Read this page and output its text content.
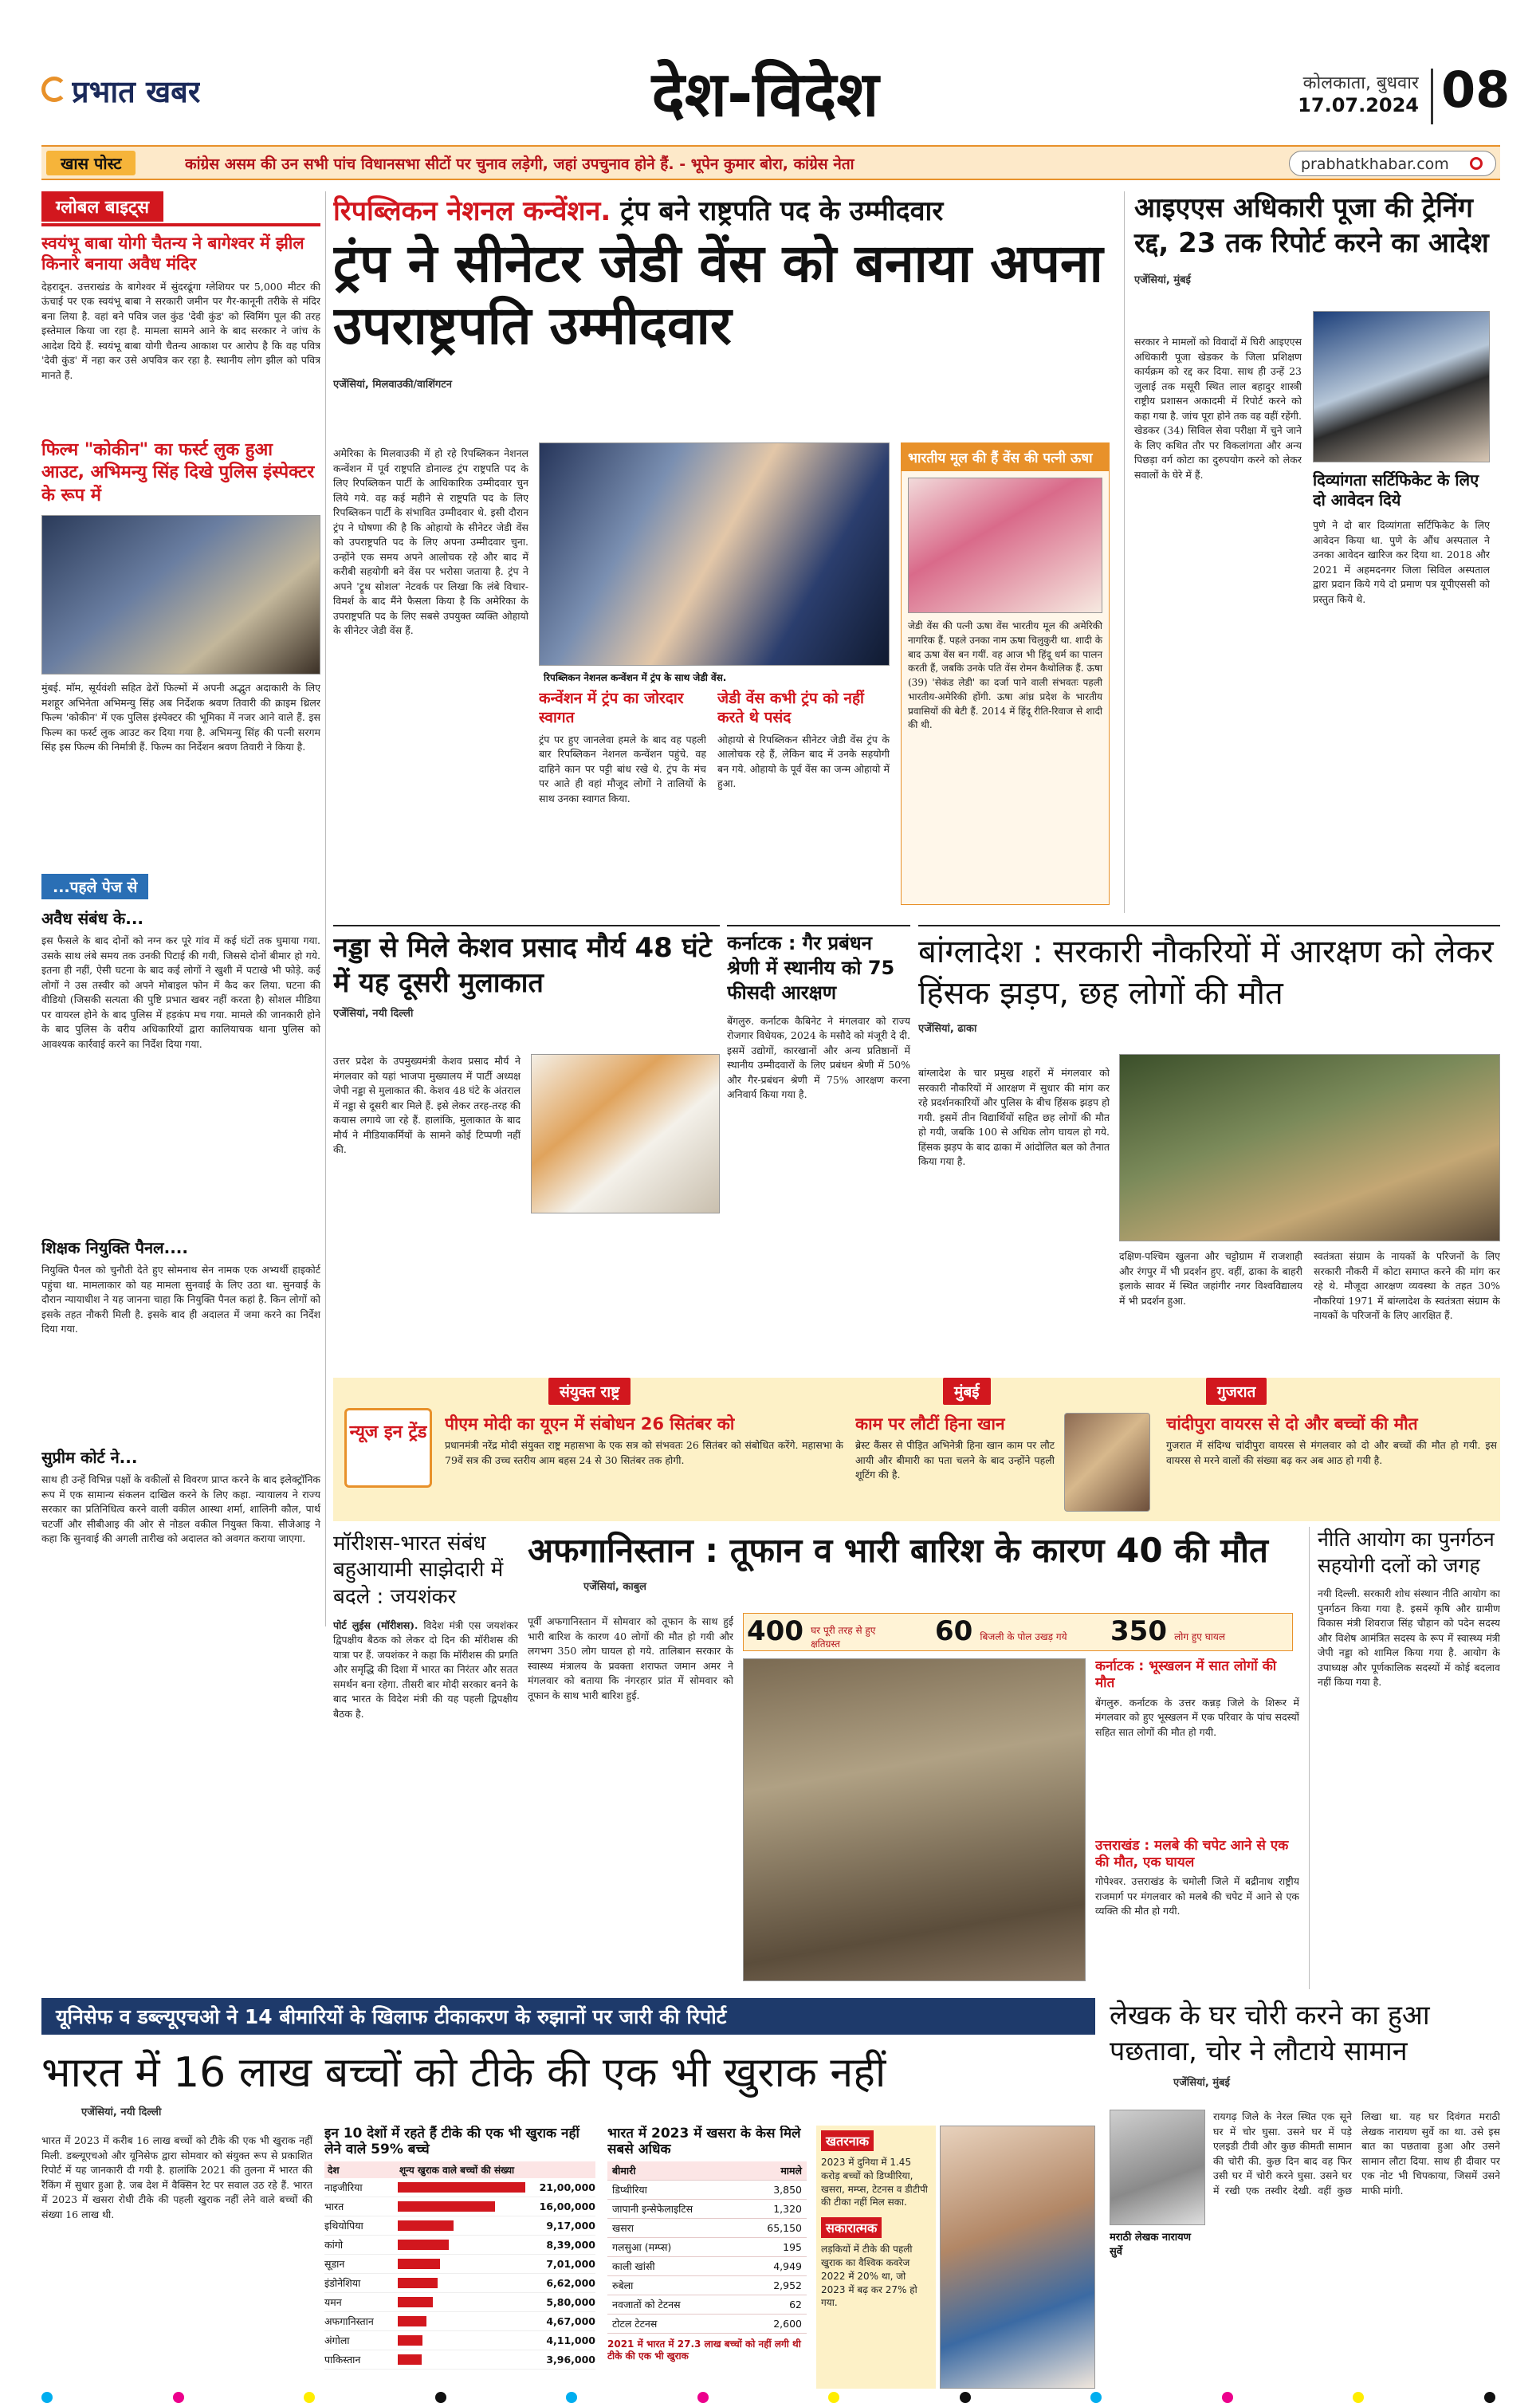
प्रभात खबर	देश-विदेश	कोलकाता, बुधवार
17.07.2024 08
खास पोस्ट	कांग्रेस असम की उन सभी पांच विधानसभा सीटों पर चुनाव लड़ेगी, जहां उपचुनाव होने हैं. - भूपेन कुमार बोरा, कांग्रेस नेता	prabhatkhabar.com
ग्लोबल बाइट्स
स्वयंभू बाबा योगी चैतन्य ने बागेश्वर में झील किनारे बनाया अवैध मंदिर
देहरादून. उत्तराखंड के बागेश्वर में सुंदरढूंगा ग्लेशियर पर 5,000 मीटर की ऊंचाई पर एक स्वयंभू बाबा ने सरकारी जमीन पर गैर-कानूनी तरीके से मंदिर बना लिया है. वहां बने पवित्र जल कुंड 'देवी कुंड' को स्विमिंग पूल की तरह इस्तेमाल किया जा रहा है. मामला सामने आने के बाद सरकार ने जांच के आदेश दिये हैं. स्वयंभू बाबा योगी चैतन्य आकाश पर आरोप है कि वह पवित्र 'देवी कुंड' में नहा कर उसे अपवित्र कर रहा है. स्थानीय लोग झील को पवित्र मानते हैं.
फिल्म "कोकीन" का फर्स्ट लुक हुआ आउट, अभिमन्यु सिंह दिखे पुलिस इंस्पेक्टर के रूप में
मुंबई. माॅम, सूर्यवंशी सहित ढेरों फिल्मों में अपनी अद्भुत अदाकारी के लिए मशहूर अभिनेता अभिमन्यु सिंह अब निर्देशक श्रवण तिवारी की क्राइम थ्रिलर फिल्म 'कोकीन' में एक पुलिस इंस्पेक्टर की भूमिका में नजर आने वाले हैं. इस फिल्म का फर्स्ट लुक आउट कर दिया गया है. अभिमन्यु सिंह की पत्नी सरगम सिंह इस फिल्म की निर्मात्री हैं. फिल्म का निर्देशन श्रवण तिवारी ने किया है.
...पहले पेज से
अवैध संबंध के...
इस फैसले के बाद दोनों को नग्न कर पूरे गांव में कई घंटों तक घुमाया गया. उसके साथ लंबे समय तक उनकी पिटाई की गयी, जिससे दोनों बीमार हो गये. इतना ही नहीं, ऐसी घटना के बाद कई लोगों ने खुशी में पटाखे भी फोड़े. कई लोगों ने उस तस्वीर को अपने मोबाइल फोन में कैद कर लिया. घटना की वीडियो (जिसकी सत्यता की पुष्टि प्रभात खबर नहीं करता है) सोशल मीडिया पर वायरल होने के बाद पुलिस में हड़कंप मच गया. मामले की जानकारी होने के बाद पुलिस के वरीय अधिकारियों द्वारा कालियाचक थाना पुलिस को आवश्यक कार्रवाई करने का निर्देश दिया गया.
शिक्षक नियुक्ति पैनल....
नियुक्ति पैनल को चुनौती देते हुए सोमनाथ सेन नामक एक अभ्यर्थी हाइकोर्ट पहुंचा था. मामलाकार को यह मामला सुनवाई के लिए उठा था. सुनवाई के दौरान न्यायाधीश ने यह जानना चाहा कि नियुक्ति पैनल कहां है. किन लोगों को इसके तहत नौकरी मिली है. इसके बाद ही अदालत में जमा करने का निर्देश दिया गया.
सुप्रीम कोर्ट ने...
साथ ही उन्हें विभिन्न पक्षों के वकीलों से विवरण प्राप्त करने के बाद इलेक्ट्रॉनिक रूप में एक सामान्य संकलन दाखिल करने के लिए कहा. न्यायालय ने राज्य सरकार का प्रतिनिधित्व करने वाली वकील आस्था शर्मा, शालिनी कौल, पार्थ चटर्जी और सीबीआइ की ओर से नोडल वकील नियुक्त किया. सीजेआइ ने कहा कि सुनवाई की अगली तारीख को अदालत को अवगत कराया जाएगा.
रिपब्लिकन नेशनल कन्वेंशन. ट्रंप बने राष्ट्रपति पद के उम्मीदवार
ट्रंप ने सीनेटर जेडी वेंस को बनाया अपना उपराष्ट्रपति उम्मीदवार
एजेंसियां, मिलवाउकी/वाशिंगटन
अमेरिका के मिलवाउकी में हो रहे रिपब्लिकन नेशनल कन्वेंशन में पूर्व राष्ट्रपति डोनाल्ड ट्रंप राष्ट्रपति पद के लिए रिपब्लिकन पार्टी के आधिकारिक उम्मीदवार चुन लिये गये. वह कई महीने से राष्ट्रपति पद के लिए रिपब्लिकन पार्टी के संभावित उम्मीदवार थे. इसी दौरान ट्रंप ने घोषणा की है कि ओहायो के सीनेटर जेडी वेंस को उपराष्ट्रपति पद के लिए अपना उम्मीदवार चुना. उन्होंने एक समय अपने आलोचक रहे और बाद में करीबी सहयोगी बने वेंस पर भरोसा जताया है. ट्रंप ने अपने 'ट्रूथ सोशल' नेटवर्क पर लिखा कि लंबे विचार-विमर्श के बाद मैंने फैसला किया है कि अमेरिका के उपराष्ट्रपति पद के लिए सबसे उपयुक्त व्यक्ति ओहायो के सीनेटर जेडी वेंस हैं.
रिपब्लिकन नेशनल कन्वेंशन में ट्रंप के साथ जेडी वेंस.
कन्वेंशन में ट्रंप का जोरदार स्वागत
ट्रंप पर हुए जानलेवा हमले के बाद वह पहली बार रिपब्लिकन नेशनल कन्वेंशन पहुंचे. वह दाहिने कान पर पट्टी बांध रखे थे. ट्रंप के मंच पर आते ही वहां मौजूद लोगों ने तालियों के साथ उनका स्वागत किया.
जेडी वेंस कभी ट्रंप को नहीं करते थे पसंद
ओहायो से रिपब्लिकन सीनेटर जेडी वेंस ट्रंप के आलोचक रहे हैं, लेकिन बाद में उनके सहयोगी बन गये. ओहायो के पूर्व वेंस का जन्म ओहायो में हुआ.
भारतीय मूल की हैं वेंस की पत्नी ऊषा
जेडी वेंस की पत्नी ऊषा वेंस भारतीय मूल की अमेरिकी नागरिक हैं. पहले उनका नाम ऊषा चिलुकुरी था. शादी के बाद ऊषा वेंस बन गयीं. वह आज भी हिंदू धर्म का पालन करती हैं, जबकि उनके पति वेंस रोमन कैथोलिक हैं. ऊषा (39) 'सेकंड लेडी' का दर्जा पाने वाली संभवतः पहली भारतीय-अमेरिकी होंगी. ऊषा आंध्र प्रदेश के भारतीय प्रवासियों की बेटी हैं. 2014 में हिंदू रीति-रिवाज से शादी की थी.
आइएएस अधिकारी पूजा की ट्रेनिंग रद्द, 23 तक रिपोर्ट करने का आदेश
एजेंसियां, मुंबई
सरकार ने मामलों को विवादों में घिरी आइएएस अधिकारी पूजा खेडकर के जिला प्रशिक्षण कार्यक्रम को रद्द कर दिया. साथ ही उन्हें 23 जुलाई तक मसूरी स्थित लाल बहादुर शास्त्री राष्ट्रीय प्रशासन अकादमी में रिपोर्ट करने को कहा गया है. जांच पूरा होने तक वह वहीं रहेंगी. खेडकर (34) सिविल सेवा परीक्षा में चुने जाने के लिए कथित तौर पर विकलांगता और अन्य पिछड़ा वर्ग कोटा का दुरुपयोग करने को लेकर सवालों के घेरे में हैं.	दिव्यांगता सर्टिफिकेट के लिए दो आवेदन दिये
पुणे ने दो बार दिव्यांगता सर्टिफिकेट के लिए आवेदन किया था. पुणे के औंध अस्पताल ने उनका आवेदन खारिज कर दिया था. 2018 और 2021 में अहमदनगर जिला सिविल अस्पताल द्वारा प्रदान किये गये दो प्रमाण पत्र यूपीएससी को प्रस्तुत किये थे.
नड्डा से मिले केशव प्रसाद मौर्य 48 घंटे में यह दूसरी मुलाकात
एजेंसियां, नयी दिल्ली
उत्तर प्रदेश के उपमुख्यमंत्री केशव प्रसाद मौर्य ने मंगलवार को यहां भाजपा मुख्यालय में पार्टी अध्यक्ष जेपी नड्डा से मुलाकात की. केशव 48 घंटे के अंतराल में नड्डा से दूसरी बार मिले हैं. इसे लेकर तरह-तरह की कयास लगाये जा रहे हैं. हालांकि, मुलाकात के बाद मौर्य ने मीडियाकर्मियों के सामने कोई टिप्पणी नहीं की.
कर्नाटक : गैर प्रबंधन श्रेणी में स्थानीय को 75 फीसदी आरक्षण
बेंगलुरु. कर्नाटक कैबिनेट ने मंगलवार को राज्य रोजगार विधेयक, 2024 के मसौदे को मंजूरी दे दी. इसमें उद्योगों, कारखानों और अन्य प्रतिष्ठानों में स्थानीय उम्मीदवारों के लिए प्रबंधन श्रेणी में 50% और गैर-प्रबंधन श्रेणी में 75% आरक्षण करना अनिवार्य किया गया है.
बांग्लादेश : सरकारी नौकरियों में आरक्षण को लेकर हिंसक झड़प, छह लोगों की मौत
एजेंसियां, ढाका
बांग्लादेश के चार प्रमुख शहरों में मंगलवार को सरकारी नौकरियों में आरक्षण में सुधार की मांग कर रहे प्रदर्शनकारियों और पुलिस के बीच हिंसक झड़प हो गयी. इसमें तीन विद्यार्थियों सहित छह लोगों की मौत हो गयी, जबकि 100 से अधिक लोग घायल हो गये. हिंसक झड़प के बाद ढाका में आंदोलित बल को तैनात किया गया है.
दक्षिण-पश्चिम खुलना और चट्टोग्राम में राजशाही और रंगपुर में भी प्रदर्शन हुए. वहीं, ढाका के बाहरी इलाके सावर में स्थित जहांगीर नगर विश्वविद्यालय में भी प्रदर्शन हुआ.
स्वतंत्रता संग्राम के नायकों के परिजनों के लिए सरकारी नौकरी में कोटा समाप्त करने की मांग कर रहे थे. मौजूदा आरक्षण व्यवस्था के तहत 30% नौकरियां 1971 में बांग्लादेश के स्वतंत्रता संग्राम के नायकों के परिजनों के लिए आरक्षित हैं.
न्यूज इन ट्रेंड
संयुक्त राष्ट्र
पीएम मोदी का यूएन में संबोधन 26 सितंबर को
प्रधानमंत्री नरेंद्र मोदी संयुक्त राष्ट्र महासभा के एक सत्र को संभवतः 26 सितंबर को संबोधित करेंगे. महासभा के 79वें सत्र की उच्च स्तरीय आम बहस 24 से 30 सितंबर तक होगी.
मुंबई
काम पर लौटीं हिना खान
ब्रेस्ट कैंसर से पीड़ित अभिनेत्री हिना खान काम पर लौट आयी और बीमारी का पता चलने के बाद उन्होंने पहली शूटिंग की है.
गुजरात
चांदीपुरा वायरस से दो और बच्चों की मौत
गुजरात में संदिग्ध चांदीपुरा वायरस से मंगलवार को दो और बच्चों की मौत हो गयी. इस वायरस से मरने वालों की संख्या बढ़ कर अब आठ हो गयी है.
मॉरीशस-भारत संबंध बहुआयामी साझेदारी में बदले : जयशंकर
पोर्ट लुईस (मॉरीशस). विदेश मंत्री एस जयशंकर द्विपक्षीय बैठक को लेकर दो दिन की मॉरीशस की यात्रा पर हैं. जयशंकर ने कहा कि मॉरीशस की प्रगति और समृद्धि की दिशा में भारत का निरंतर और सतत समर्थन बना रहेगा. तीसरी बार मोदी सरकार बनने के बाद भारत के विदेश मंत्री की यह पहली द्विपक्षीय बैठक है.
अफगानिस्तान : तूफान व भारी बारिश के कारण 40 की मौत
एजेंसियां, काबुल
400 घर पूरी तरह से हुए क्षतिग्रस्त	60 बिजली के पोल उखड़ गये	350 लोग हुए घायल
पूर्वी अफगानिस्तान में सोमवार को तूफान के साथ हुई भारी बारिश के कारण 40 लोगों की मौत हो गयी और लगभग 350 लोग घायल हो गये. तालिबान सरकार के स्वास्थ्य मंत्रालय के प्रवक्ता शराफत जमान अमर ने मंगलवार को बताया कि नंगरहार प्रांत में सोमवार को तूफान के साथ भारी बारिश हुई.
कर्नाटक : भूस्खलन में सात लोगों की मौत
बेंगलुरु. कर्नाटक के उत्तर कन्नड़ जिले के शिरूर में मंगलवार को हुए भूस्खलन में एक परिवार के पांच सदस्यों सहित सात लोगों की मौत हो गयी.
उत्तराखंड : मलबे की चपेट आने से एक की मौत, एक घायल
गोपेश्वर. उत्तराखंड के चमोली जिले में बद्रीनाथ राष्ट्रीय राजमार्ग पर मंगलवार को मलबे की चपेट में आने से एक व्यक्ति की मौत हो गयी.
नीति आयोग का पुनर्गठन सहयोगी दलों को जगह
नयी दिल्ली. सरकारी शोध संस्थान नीति आयोग का पुनर्गठन किया गया है. इसमें कृषि और ग्रामीण विकास मंत्री शिवराज सिंह चौहान को पदेन सदस्य और विशेष आमंत्रित सदस्य के रूप में स्वास्थ्य मंत्री जेपी नड्डा को शामिल किया गया है. आयोग के उपाध्यक्ष और पूर्णकालिक सदस्यों में कोई बदलाव नहीं किया गया है.
यूनिसेफ व डब्ल्यूएचओ ने 14 बीमारियों के खिलाफ टीकाकरण के रुझानों पर जारी की रिपोर्ट
भारत में 16 लाख बच्चों को टीके की एक भी खुराक नहीं
एजेंसियां, नयी दिल्ली
भारत में 2023 में करीब 16 लाख बच्चों को टीके की एक भी खुराक नहीं मिली. डब्ल्यूएचओ और यूनिसेफ द्वारा सोमवार को संयुक्त रूप से प्रकाशित रिपोर्ट में यह जानकारी दी गयी है. हालांकि 2021 की तुलना में भारत की रैंकिंग में सुधार हुआ है. जब देश में वैक्सिन रेट पर सवाल उठ रहे हैं. भारत में 2023 में खसरा रोधी टीके की पहली खुराक नहीं लेने वाले बच्चों की संख्या 16 लाख थी.
इन 10 देशों में रहते हैं टीके की एक भी खुराक नहीं लेने वाले 59% बच्चे
देश	शून्य खुराक वाले बच्चों की संख्या
नाइजीरिया	21,00,000
भारत	16,00,000
इथियोपिया	9,17,000
कांगो	8,39,000
सूडान	7,01,000
इंडोनेशिया	6,62,000
यमन	5,80,000
अफगानिस्तान	4,67,000
अंगोला	4,11,000
पाकिस्तान	3,96,000
भारत में 2023 में खसरा के केस मिले सबसे अधिक
बीमारी	मामले
डिप्थीरिया	3,850
जापानी इन्सेफेलाइटिस	1,320
खसरा	65,150
गलसुआ (मम्प्स)	195
काली खांसी	4,949
रुबेला	2,952
नवजातों को टेटनस	62
टोटल टेटनस	2,600
2021 में भारत में 27.3 लाख बच्चों को नहीं लगी थी टीके की एक भी खुराक
खतरनाक
2023 में दुनिया में 1.45 करोड़ बच्चों को डिप्थीरिया, खसरा, मम्प्स, टेटनस व डीटीपी की टीका नहीं मिल सका.
सकारात्मक
लड़कियों में टीके की पहली खुराक का वैश्विक कवरेज 2022 में 20% था, जो 2023 में बढ़ कर 27% हो गया.
लेखक के घर चोरी करने का हुआ पछतावा, चोर ने लौटाये सामान
एजेंसियां, मुंबई
मराठी लेखक नारायण सुर्वे
रायगढ़ जिले के नेरल स्थित एक सूने घर में चोर घुसा. उसने घर में पड़े एलइडी टीवी और कुछ कीमती सामान की चोरी की. कुछ दिन बाद वह फिर उसी घर में चोरी करने घुसा. उसने घर में रखी एक तस्वीर देखी. वहीं कुछ लिखा था. यह घर दिवंगत मराठी लेखक नारायण सुर्वे का था. उसे इस बात का पछतावा हुआ और उसने सामान लौटा दिया. साथ ही दीवार पर एक नोट भी चिपकाया, जिसमें उसने माफी मांगी.
